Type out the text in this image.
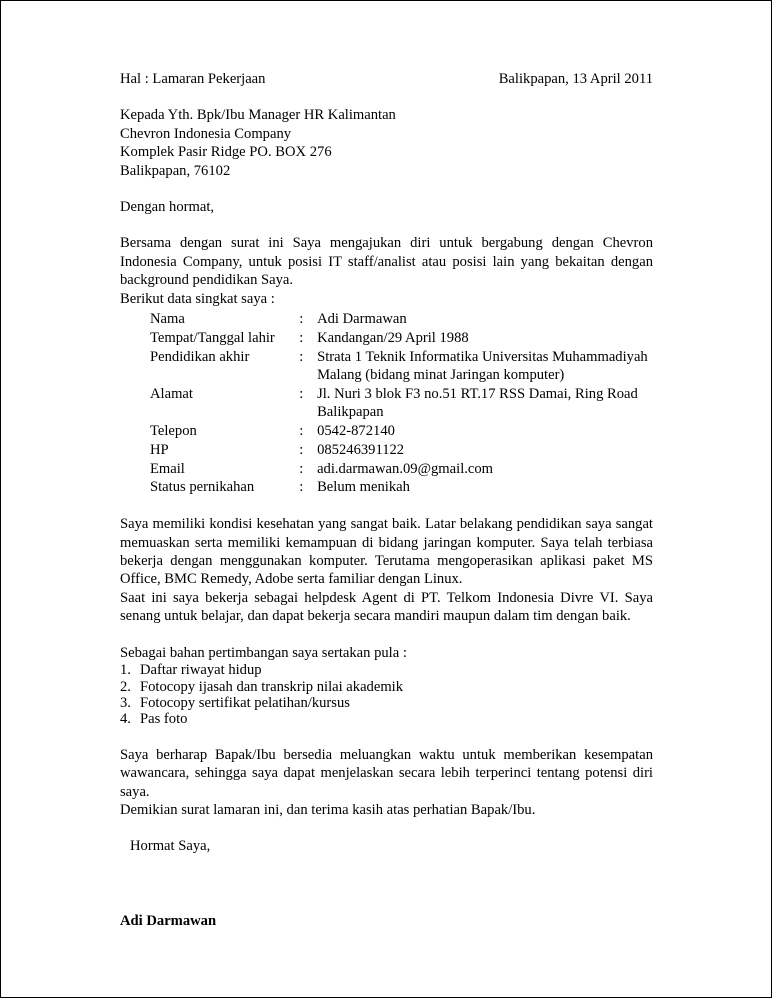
Hal : Lamaran Pekerjaan	Balikpapan, 13 April 2011
Kepada Yth. Bpk/Ibu Manager HR Kalimantan
Chevron Indonesia Company
Komplek Pasir Ridge PO. BOX 276
Balikpapan, 76102

Dengan hormat,

Bersama dengan surat ini Saya mengajukan diri untuk bergabung dengan Chevron Indonesia Company, untuk posisi IT staff/analist atau posisi lain yang bekaitan dengan background pendidikan Saya.

Berikut data singkat saya :

Nama	:	Adi Darmawan
Tempat/Tanggal lahir	:	Kandangan/29 April 1988
Pendidikan akhir	:	Strata 1 Teknik Informatika Universitas Muhammadiyah Malang (bidang minat Jaringan komputer)
Alamat	:	Jl. Nuri 3 blok F3 no.51 RT.17 RSS Damai, Ring Road Balikpapan
Telepon	:	0542-872140
HP	:	085246391122
Email	:	adi.darmawan.09@gmail.com
Status pernikahan	:	Belum menikah

Saya memiliki kondisi kesehatan yang sangat baik. Latar belakang pendidikan saya sangat memuaskan serta memiliki kemampuan di bidang jaringan komputer. Saya telah terbiasa bekerja dengan menggunakan komputer. Terutama mengoperasikan aplikasi paket MS Office, BMC Remedy, Adobe serta familiar dengan Linux.

Saat ini saya bekerja sebagai helpdesk Agent di PT. Telkom Indonesia Divre VI. Saya senang untuk belajar, dan dapat bekerja secara mandiri maupun dalam tim dengan baik.

Sebagai bahan pertimbangan saya sertakan pula :

1. Daftar riwayat hidup
2. Fotocopy ijasah dan transkrip nilai akademik
3. Fotocopy sertifikat pelatihan/kursus
4. Pas foto

Saya berharap Bapak/Ibu bersedia meluangkan waktu untuk memberikan kesempatan wawancara, sehingga saya dapat menjelaskan secara lebih terperinci tentang potensi diri saya.

Demikian surat lamaran ini, dan terima kasih atas perhatian Bapak/Ibu.

Hormat Saya,

Adi Darmawan
